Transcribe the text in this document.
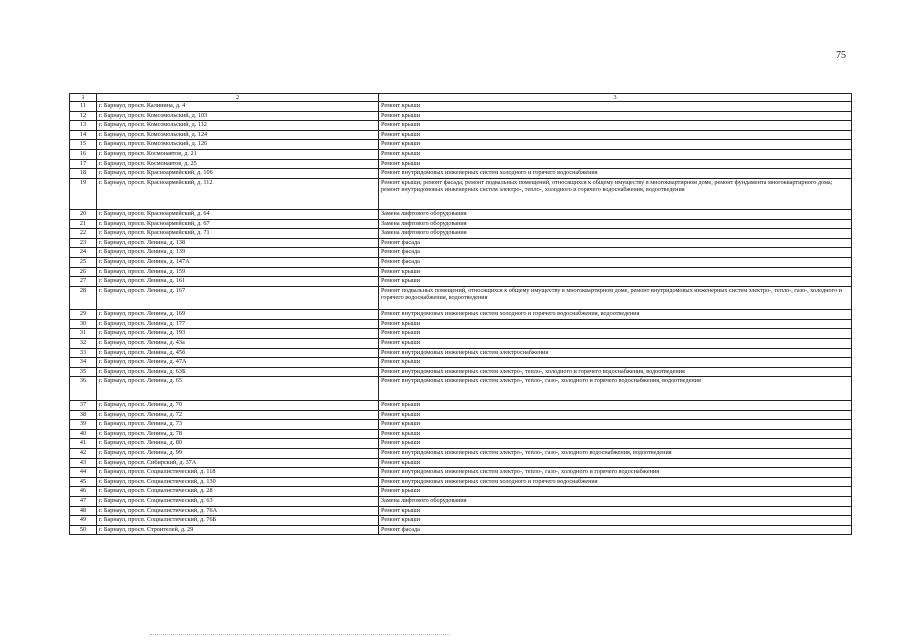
75
1	2	3
11	г. Барнаул, просп. Калинина, д. 4	Ремонт крыши
12	г. Барнаул, просп. Комсомольский, д. 103	Ремонт крыши
13	г. Барнаул, просп. Комсомольский, д. 112	Ремонт крыши
14	г. Барнаул, просп. Комсомольский, д. 124	Ремонт крыши
15	г. Барнаул, просп. Комсомольский, д. 126	Ремонт крыши
16	г. Барнаул, просп. Космонавтов, д. 21	Ремонт крыши
17	г. Барнаул, просп. Космонавтов, д. 25	Ремонт крыши
18	г. Барнаул, просп. Красноармейский, д. 106	Ремонт внутридомовых инженерных систем холодного и горячего водоснабжения
19	г. Барнаул, просп. Красноармейский, д. 112	Ремонт крыши; ремонт фасада; ремонт подвальных помещений, относящихся к общему имуществу в многоквартирном доме, ремонт фундамента многоквартирного дома; ремонт внутридомовых инженерных систем электро-, тепло-, холодного и горячего водоснабжения, водоотведения
20	г. Барнаул, просп. Красноармейский, д. 64	Замена лифтового оборудования
21	г. Барнаул, просп. Красноармейский, д. 67	Замена лифтового оборудования
22	г. Барнаул, просп. Красноармейский, д. 71	Замена лифтового оборудования
23	г. Барнаул, просп. Ленина, д. 138	Ремонт фасада
24	г. Барнаул, просп. Ленина, д. 139	Ремонт фасада
25	г. Барнаул, просп. Ленина, д. 147А	Ремонт фасада
26	г. Барнаул, просп. Ленина, д. 159	Ремонт крыши
27	г. Барнаул, просп. Ленина, д. 161	Ремонт крыши
28	г. Барнаул, просп. Ленина, д. 167	Ремонт подвальных помещений, относящихся к общему имуществу в многоквартирном доме, ремонт внутридомовых инженерных систем электро-, тепло-, газо-, холодного и горячего водоснабжения, водоотведения
29	г. Барнаул, просп. Ленина, д. 169	Ремонт внутридомовых инженерных систем холодного и горячего водоснабжения, водоотведения
30	г. Барнаул, просп. Ленина, д. 177	Ремонт крыши
31	г. Барнаул, просп. Ленина, д. 193	Ремонт крыши
32	г. Барнаул, просп. Ленина, д. 43а	Ремонт крыши
33	г. Барнаул, просп. Ленина, д. 45б	Ремонт внутридомовых инженерных систем электроснабжения
34	г. Барнаул, просп. Ленина, д. 47А	Ремонт крыши
35	г. Барнаул, просп. Ленина, д. 63Б	Ремонт внутридомовых инженерных систем электро-, тепло-, холодного и горячего водоснабжения, водоотведения
36	г. Барнаул, просп. Ленина, д. 65	Ремонт внутридомовых инженерных систем электро-, тепло-, газо-, холодного и горячего водоснабжения, водоотведения
37	г. Барнаул, просп. Ленина, д. 70	Ремонт крыши
38	г. Барнаул, просп. Ленина, д. 72	Ремонт крыши
39	г. Барнаул, просп. Ленина, д. 73	Ремонт крыши
40	г. Барнаул, просп. Ленина, д. 78	Ремонт крыши
41	г. Барнаул, просп. Ленина, д. 80	Ремонт крыши
42	г. Барнаул, просп. Ленина, д. 99	Ремонт внутридомовых инженерных систем электро-, тепло-, газо-, холодного водоснабжения, водоотведения
43	г. Барнаул, просп. Сибирский, д. 37А	Ремонт крыши
44	г. Барнаул, просп. Социалистический, д. 118	Ремонт внутридомовых инженерных систем электро-, тепло-, газо-, холодного и горячего водоснабжения
45	г. Барнаул, просп. Социалистический, д. 130	Ремонт внутридомовых инженерных систем холодного и горячего водоснабжения
46	г. Барнаул, просп. Социалистический, д. 28	Ремонт крыши
47	г. Барнаул, просп. Социалистический, д. 63	Замена лифтового оборудования
48	г. Барнаул, просп. Социалистический, д. 76А	Ремонт крыши
49	г. Барнаул, просп. Социалистический, д. 76Б	Ремонт крыши
50	г. Барнаул, просп. Строителей, д. 29	Ремонт фасада
